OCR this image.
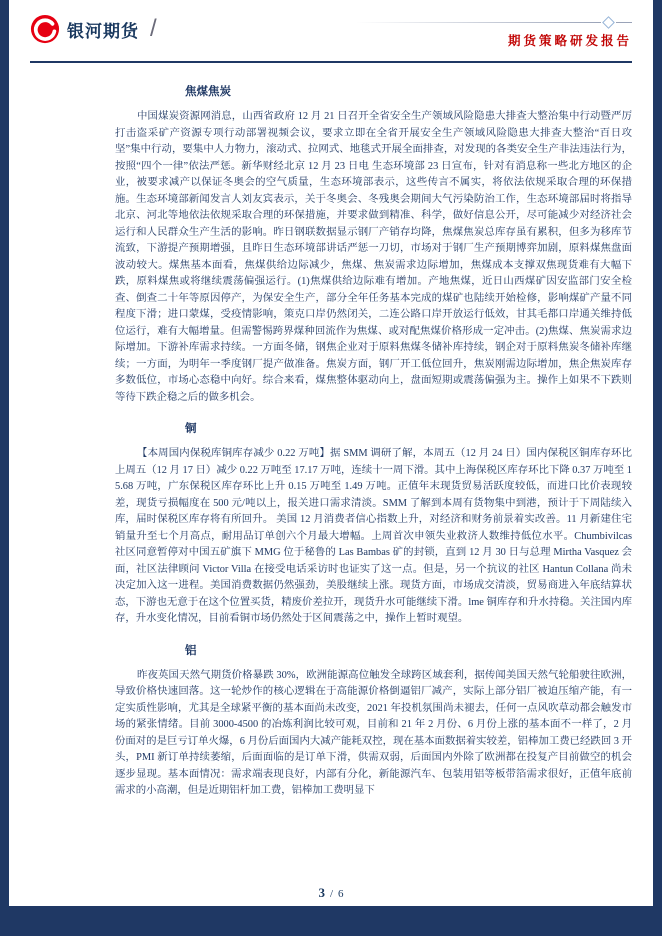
银河期货 /	期货策略研发报告
焦煤焦炭

中国煤炭资源网消息，山西省政府 12 月 21 日召开全省安全生产领域风险隐患大排查大整治集中行动暨严厉打击盗采矿产资源专项行动部署视频会议，要求立即在全省开展安全生产领域风险隐患大排查大整治“百日攻坚”集中行动，要集中人力物力，滚动式、拉网式、地毯式开展全面排查，对发现的各类安全生产非法违法行为，按照“四个一律”依法严惩。新华财经北京 12 月 23 日电 生态环境部 23 日宣布，针对有消息称一些北方地区的企业，被要求减产以保证冬奥会的空气质量，生态环境部表示，这些传言不属实，将依法依规采取合理的环保措施。生态环境部新闻发言人刘友宾表示，关于冬奥会、冬残奥会期间大气污染防治工作，生态环境部届时将指导北京、河北等地依法依规采取合理的环保措施，并要求做到精准、科学，做好信息公开，尽可能减少对经济社会运行和人民群众生产生活的影响。昨日钢联数据显示钢厂产销存均降，焦煤焦炭总库存虽有累积，但多为移库节流致，下游提产预期增强，且昨日生态环境部讲话严惩一刀切，市场对于钢厂生产预期博弈加剧，原料煤焦盘面波动较大。煤焦基本面看，焦煤供给边际减少，焦煤、焦炭需求边际增加，焦煤成本支撑双焦现货难有大幅下跌，原料煤焦或将继续震荡偏强运行。(1)焦煤供给边际难有增加。产地焦煤，近日山西煤矿因安监部门安全检查、倒查二十年等原因停产，为保安全生产，部分全年任务基本完成的煤矿也陆续开始检修，影响煤矿产量不同程度下滑；进口蒙煤，受疫情影响，策克口岸仍然闭关，二连公路口岸开放运行低效，甘其毛都口岸通关维持低位运行，难有大幅增量。但需警惕跨界煤种回流作为焦煤、或对配焦煤价格形成一定冲击。(2)焦煤、焦炭需求边际增加。下游补库需求持续。一方面冬储，钢焦企业对于原料焦煤冬储补库持续，钢企对于原料焦炭冬储补库继续；一方面，为明年一季度钢厂提产做准备。焦炭方面，钢厂开工低位回升，焦炭刚需边际增加，焦企焦炭库存多数低位，市场心态稳中向好。综合来看，煤焦整体驱动向上，盘面短期或震荡偏强为主。操作上如果不下跌则等待下跌企稳之后的做多机会。

铜

【本周国内保税库铜库存减少 0.22 万吨】据 SMM 调研了解，本周五（12 月 24 日）国内保税区铜库存环比上周五（12 月 17 日）减少 0.22 万吨至 17.17 万吨，连续十一周下滑。其中上海保税区库存环比下降 0.37 万吨至 15.68 万吨，广东保税区库存环比上升 0.15 万吨至 1.49 万吨。正值年末现货贸易活跃度较低，而进口比价表现较差，现货亏损幅度在 500 元/吨以上，报关进口需求清淡。SMM 了解到本周有货物集中到港，预计于下周陆续入库，届时保税区库存将有所回升。 美国 12 月消费者信心指数上升，对经济和财务前景着实改善。11 月新建住宅销量升至七个月高点，耐用品订单创六个月最大增幅。上周首次申领失业救济人数维持低位水平。Chumbivilcas 社区同意暂停对中国五矿旗下 MMG 位于秘鲁的 Las Bambas 矿的封锁，直到 12 月 30 日与总理 Mirtha Vasquez 会面，社区法律顾问 Victor Villa 在接受电话采访时也证实了这一点。但是，另一个抗议的社区 Hantun Collana 尚未决定加入这一进程。美国消费数据仍然强劲，美股继续上涨。现货方面，市场成交清淡，贸易商进入年底结算状态，下游也无意于在这个位置买货，精废价差拉开，现货升水可能继续下滑。lme 铜库存和升水持稳。关注国内库存，升水变化情况，目前看铜市场仍然处于区间震荡之中，操作上暂时观望。

铝

昨夜英国天然气期货价格暴跌 30%，欧洲能源高位触发全球跨区域套利，据传闻美国天然气轮船驶往欧洲，导致价格快速回落。这一轮炒作的核心逻辑在于高能源价格倒逼铝厂减产，实际上部分铝厂被迫压缩产能，有一定实质性影响，尤其是全球紧平衡的基本面尚未改变，2021 年投机氛围尚未褪去，任何一点风吹草动都会触发市场的紧张情绪。目前 3000-4500 的冶炼利润比较可观，目前和 21 年 2 月份、6 月份上涨的基本面不一样了，2 月份面对的是巨亏订单火爆，6 月份后面国内大减产能耗双控，现在基本面数据着实较差，铝棒加工费已经跌回 3 开头，PMI 新订单持续萎缩，后面面临的是订单下滑，供需双弱，后面国内外除了欧洲都在投复产目前做空的机会逐步显现。基本面情况：需求端表现良好，内部有分化，新能源汽车、包装用铝等板带箔需求很好，正值年底前需求的小高潮，但是近期铝杆加工费，铝棒加工费明显下

3 / 6
